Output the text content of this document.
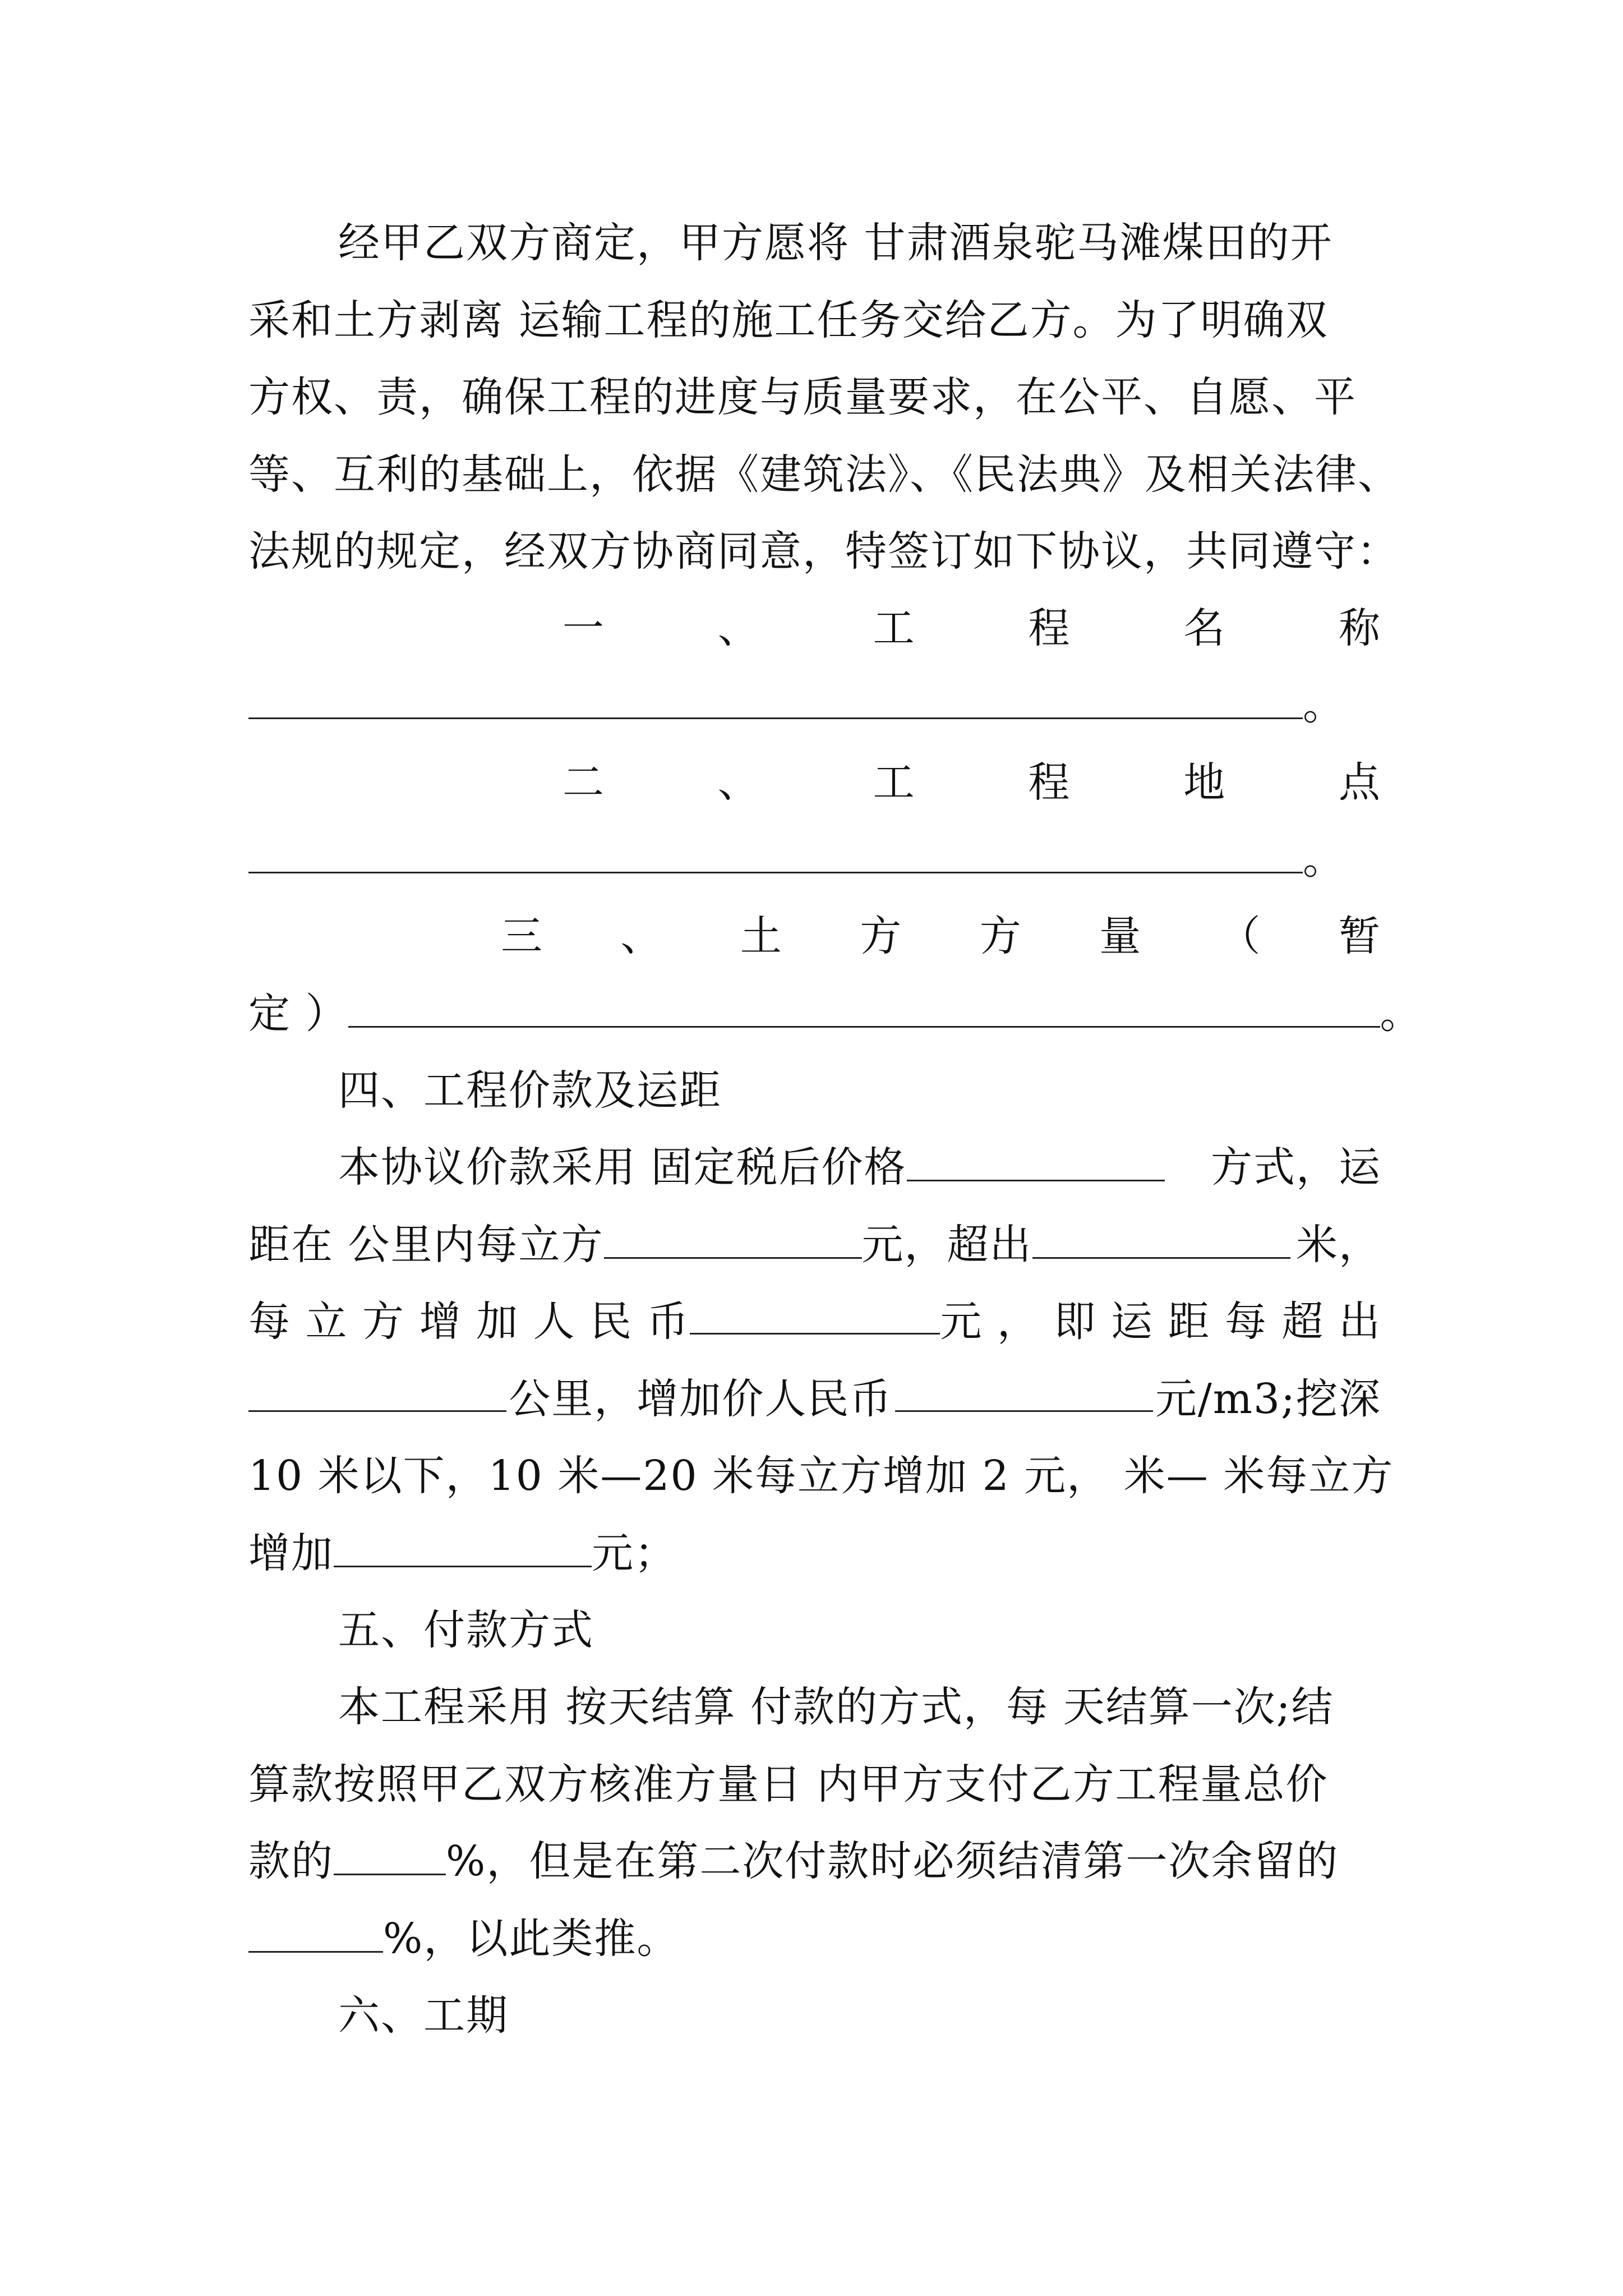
经甲乙双方商定，甲方愿将 甘肃酒泉驼马滩煤田的开
采和土方剥离 运输工程的施工任务交给乙方。为了明确双
方权、责，确保工程的进度与质量要求，在公平、自愿、平
等、互利的基础上，依据《建筑法》、《民法典》及相关法律、
法规的规定，经双方协商同意，特签订如下协议，共同遵守：
一	、	工	程	名	称
。
二	、	工	程	地	点
。
三 、 土 方 方 量 （ 暂
定 ）	。
四、工程价款及运距
本协议价款采用 固定税后价格	方式，运
距在 公里内每立方	元，超出	米，
每 立 方 增 加 人 民 币	元 ， 即 运 距 每 超 出
公里，增加价人民币	元/m3;挖深
10 米以下，10 米—20 米每立方增加 2 元， 米— 米每立方
增加	元；
五、付款方式
本工程采用 按天结算 付款的方式，每 天结算一次;结
算款按照甲乙双方核准方量日 内甲方支付乙方工程量总价
款的	%，但是在第二次付款时必须结清第一次余留的
%，以此类推。
六、工期
